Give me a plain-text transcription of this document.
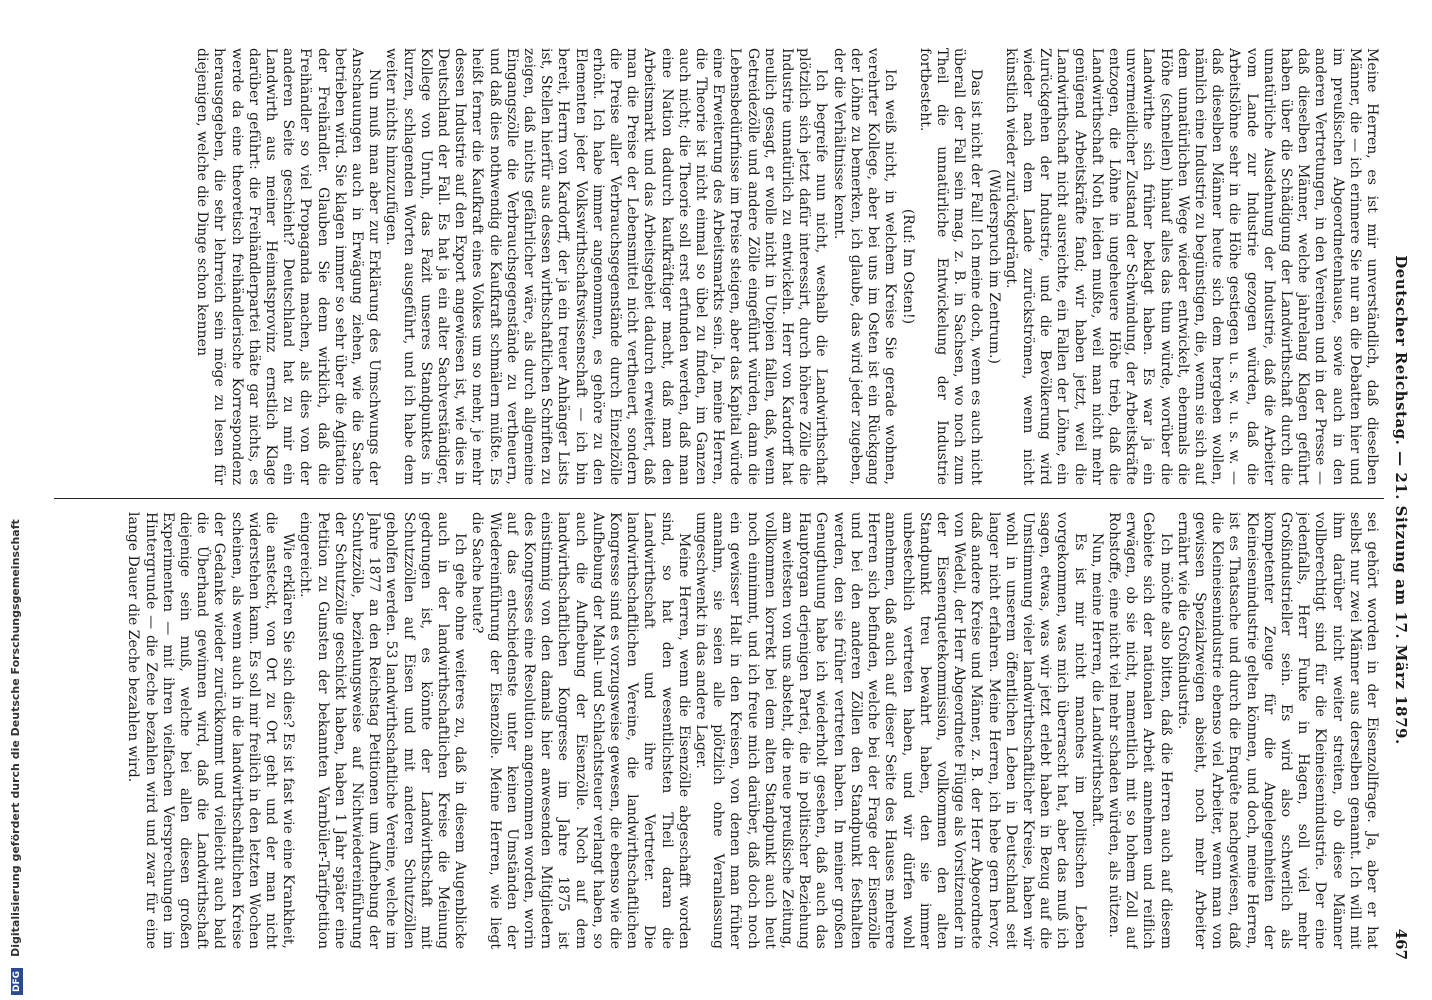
Deutscher Reichstag. — 21. Sitzung am 17. März 1879.
467

Meine Herren, es ist mir unverständlich, daß dieselben Männer, die — ich erinnere Sie nur an die Debatten hier und im preußischen Abgeordnetenhause, sowie auch in den anderen Vertretungen, in den Vereinen und in der Presse — daß dieselben Männer, welche jahrelang Klagen geführt haben über die Schädigung der Landwirthschaft durch die unnatürliche Ausdehnung der Industrie, daß die Arbeiter vom Lande zur Industrie gezogen würden, daß die Arbeitslöhne sehr in die Höhe gestiegen u. s. w. u. s. w. — daß dieselben Männer heute sich dem hergeben wollen, nämlich eine Industrie zu begünstigen, die, wenn sie sich auf dem unnatürlichen Wege wieder entwickelt, ebenmals die Höhe (schnellen) hinauf alles das thun würde, worüber die Landwirthe sich früher beklagt haben. Es war ja ein unvermeidlicher Zustand der Schwindung, der Arbeitskräfte entzogen, die Löhne in ungeheuere Höhe trieb, daß die Landwirthschaft Noth leiden mußte, weil man nicht mehr genügend Arbeitskräfte fand; wir haben jetzt, weil die Landwirthschaft nicht ausreichte, ein Fallen der Löhne, ein Zurückgehen der Industrie, und die Bevölkerung wird wieder nach dem Lande zurückströmen, wenn nicht künstlich wieder zurückgedrängt.

(Widerspruch im Zentrum.)

Das ist nicht der Fall! Ich meine doch, wenn es auch nicht überall der Fall sein mag, z. B. in Sachsen, wo noch zum Theil die unnatürliche Entwickelung der Industrie fortbesteht.

(Ruf: Im Osten!)

Ich weiß nicht, in welchem Kreise Sie gerade wohnen, verehrter Kollege, aber bei uns im Osten ist ein Rückgang der Löhne zu bemerken, ich glaube, das wird jeder zugeben, der die Verhältnisse kennt.

Ich begreife nun nicht, weshalb die Landwirthschaft plötzlich sich jetzt dafür interessirt, durch höhere Zölle die Industrie unnatürlich zu entwickeln. Herr von Kardorff hat neulich gesagt, er wolle nicht in Utopien fallen, daß, wenn Getreidezölle und andere Zölle eingeführt würden, dann die Lebensbedürfnisse im Preise steigen, aber das Kapital würde eine Erweiterung des Arbeitsmarkts sein. Ja, meine Herren, die Theorie ist nicht einmal so übel zu finden, im Ganzen auch nicht; die Theorie soll erst erfunden werden, daß man eine Nation dadurch kaufkräftiger macht, daß man den Arbeitsmarkt und das Arbeitsgebiet dadurch erweitert, daß man die Preise der Lebensmittel nicht vertheuert, sondern die Preise aller Verbrauchsgegenstände durch Einzelzölle erhöht. Ich habe immer angenommen, es gehöre zu den Elementen jeder Volkswirthschaftswissenschaft — ich bin bereit, Herrn von Kardorff, der ja ein treuer Anhänger Lists ist, Stellen hierfür aus dessen wirthschaftlichen Schriften zu zeigen, daß nichts gefährlicher wäre, als durch allgemeine Eingangszölle die Verbrauchsgegenstände zu vertheuern, und daß dies nothwendig die Kaufkraft schmälern müßte. Es heißt ferner die Kaufkraft eines Volkes um so mehr, je mehr dessen Industrie auf den Export angewiesen ist, wie dies in Deutschland der Fall. Es hat ja ein alter Sachverständiger, Kollege von Unruh, das Fazit unseres Standpunktes in kurzen, schlagenden Worten ausgeführt, und ich habe dem weiter nichts hinzuzufügen.

Nun muß man aber zur Erklärung des Umschwungs der Anschauungen auch in Erwägung ziehen, wie die Sache betrieben wird. Sie klagen immer so sehr über die Agitation der Freihändler. Glauben Sie denn wirklich, daß die Freihändler so viel Propaganda machen, als dies von der anderen Seite geschieht? Deutschland hat zu mir ein Landwirth aus meiner Heimatsprovinz ernstlich Klage darüber geführt: die Freihändlerpartei thäte gar nichts, es werde da eine theoretisch freihändlerische Korrespondenz herausgegeben, die sehr lehrreich sein möge zu lesen für diejenigen, welche die Dinge schon kennen

sei gehört worden in der Eisenzollfrage. Ja, aber er hat selbst nur zwei Männer aus derselben genannt. Ich will mit ihm darüber nicht weiter streiten, ob diese Männer vollberechtigt sind für die Kleineisenindustrie. Der eine jedenfalls, Herr Funke in Hagen, soll viel mehr Großindustrieller sein. Es wird also schwerlich als kompetenter Zeuge für die Angelegenheiten der Kleineisenindustrie gelten können, und doch, meine Herren, ist es Thatsache und durch die Enquête nachgewiesen, daß die Kleineisenindustrie ebenso viel Arbeiter, wenn man von gewissen Spezialzweigen absieht, noch mehr Arbeiter ernährt wie die Großindustrie.

Ich möchte also bitten, daß die Herren auch auf diesem Gebiete sich der nationalen Arbeit annehmen und reiflich erwägen, ob sie nicht, namentlich mit so hohem Zoll auf Rohstoffe, eine nicht viel mehr schaden würden, als nützen.

Nun, meine Herren, die Landwirthschaft.

Es ist mir nicht manches im politischen Leben vorgekommen, was mich überrascht hat, aber das muß ich sagen, etwas, was wir jetzt erlebt haben in Bezug auf die Umstimmung vieler landwirthschaftlicher Kreise, haben wir wohl in unserem öffentlichen Leben in Deutschland seit langer nicht erfahren. Meine Herren, ich hebe gern hervor, daß andere Kreise und Männer, z. B. der Herr Abgeordnete von Wedell, der Herr Abgeordnete Flügge als Vorsitzender in der Eisenenquetekommission, vollkommen den alten Standpunkt treu bewahrt haben, den sie immer unbestechlich vertreten haben, und wir dürfen wohl annehmen, daß auch auf dieser Seite des Hauses mehrere Herren sich befinden, welche bei der Frage der Eisenzölle und bei den anderen Zöllen den Standpunkt festhalten werden, den sie früher vertreten haben. In meiner großen Genugthuung habe ich wiederholt gesehen, daß auch das Hauptorgan derjenigen Partei, die in politischer Beziehung am weitesten von uns absteht, die neue preußische Zeitung, vollkommen korrekt bei dem alten Standpunkt auch heut noch einnimmt, und ich freue mich darüber, daß doch noch ein gewisser Halt in den Kreisen, von denen man früher annahm, sie seien alle plötzlich ohne Veranlassung umgeschwenkt in das andere Lager.

Meine Herren, wenn die Eisenzölle abgeschafft worden sind, so hat den wesentlichsten Theil daran die Landwirthschaft und ihre Vertreter. Die landwirthschaftlichen Vereine, die landwirthschaftlichen Kongresse sind es vorzugsweise gewesen, die ebenso wie die Aufhebung der Mahl- und Schlachtsteuer verlangt haben, so auch die Aufhebung der Eisenzölle. Noch auf dem landwirthschaftlichen Kongresse im Jahre 1875 ist einstimmig von den damals hier anwesenden Mitgliedern des Kongresses eine Resolution angenommen worden, worin auf das entschiedenste unter keinen Umständen der Wiedereinführung der Eisenzölle. Meine Herren, wie liegt die Sache heute?

Ich gehe ohne weiteres zu, daß in diesem Augenblicke auch in der landwirthschaftlichen Kreise die Meinung gedrungen ist, es könnte der Landwirthschaft mit Schutzzöllen auf Eisen und mit anderen Schutzzöllen geholfen werden. 53 landwirthschaftliche Vereine, welche im Jahre 1877 an den Reichstag Petitionen um Aufhebung der Schutzzölle, beziehungsweise auf Nichtwiedereinführung der Schutzzölle geschickt haben, haben 1 Jahr später eine Petition zu Gunsten der bekannten Varnbüler-Tarifpetition eingereicht.

Wie erklären Sie sich dies? Es ist fast wie eine Krankheit, die ansteckt, von Ort zu Ort geht und der man nicht widerstehen kann. Es soll mir freilich in den letzten Wochen scheinen, als wenn auch in die landwirthschaftlichen Kreise der Gedanke wieder zurückkommt und vielleicht auch bald die Überhand gewinnen wird, daß die Landwirthschaft diejenige sein muß, welche bei allen diesen großen Experimenten — mit ihren vielfachen Versprechungen im Hintergrunde — die Zeche bezahlen wird und zwar für eine lange Dauer die Zeche bezahlen wird.

DFG Digitalisierung gefördert durch die Deutsche Forschungsgemeinschaft
